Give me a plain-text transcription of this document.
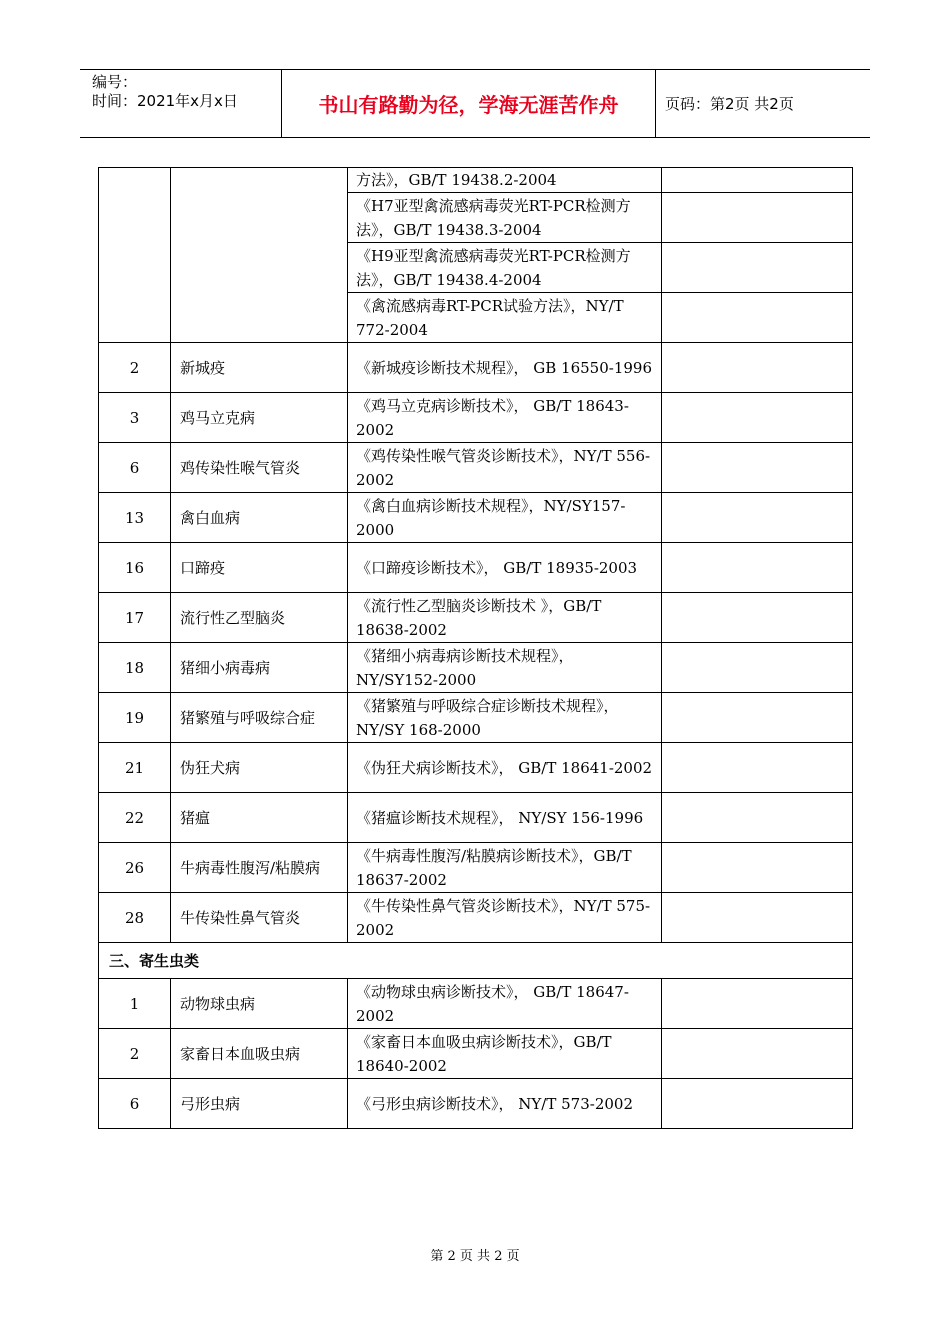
编号：
时间：2021年x月x日	书山有路勤为径，学海无涯苦作舟	页码：第2页 共2页
		方法》，GB/T 19438.2-2004	
		《H7亚型禽流感病毒荧光RT-PCR检测方法》，GB/T 19438.3-2004	
		《H9亚型禽流感病毒荧光RT-PCR检测方法》，GB/T 19438.4-2004	
		《禽流感病毒RT-PCR试验方法》，NY/T 772-2004	
2	新城疫	《新城疫诊断技术规程》， GB 16550-1996	
3	鸡马立克病	《鸡马立克病诊断技术》， GB/T 18643-2002	
6	鸡传染性喉气管炎	《鸡传染性喉气管炎诊断技术》，NY/T 556-2002	
13	禽白血病	《禽白血病诊断技术规程》，NY/SY157-2000	
16	口蹄疫	《口蹄疫诊断技术》， GB/T 18935-2003	
17	流行性乙型脑炎	《流行性乙型脑炎诊断技术 》，GB/T 18638-2002	
18	猪细小病毒病	《猪细小病毒病诊断技术规程》，NY/SY152-2000	
19	猪繁殖与呼吸综合症	《猪繁殖与呼吸综合症诊断技术规程》， NY/SY 168-2000	
21	伪狂犬病	《伪狂犬病诊断技术》， GB/T 18641-2002	
22	猪瘟	《猪瘟诊断技术规程》， NY/SY 156-1996	
26	牛病毒性腹泻/粘膜病	《牛病毒性腹泻/粘膜病诊断技术》，GB/T 18637-2002	
28	牛传染性鼻气管炎	《牛传染性鼻气管炎诊断技术》，NY/T 575-2002	
三、寄生虫类			
1	动物球虫病	《动物球虫病诊断技术》， GB/T 18647-2002	
2	家畜日本血吸虫病	《家畜日本血吸虫病诊断技术》，GB/T 18640-2002	
6	弓形虫病	《弓形虫病诊断技术》， NY/T 573-2002	
第 2 页 共 2 页
